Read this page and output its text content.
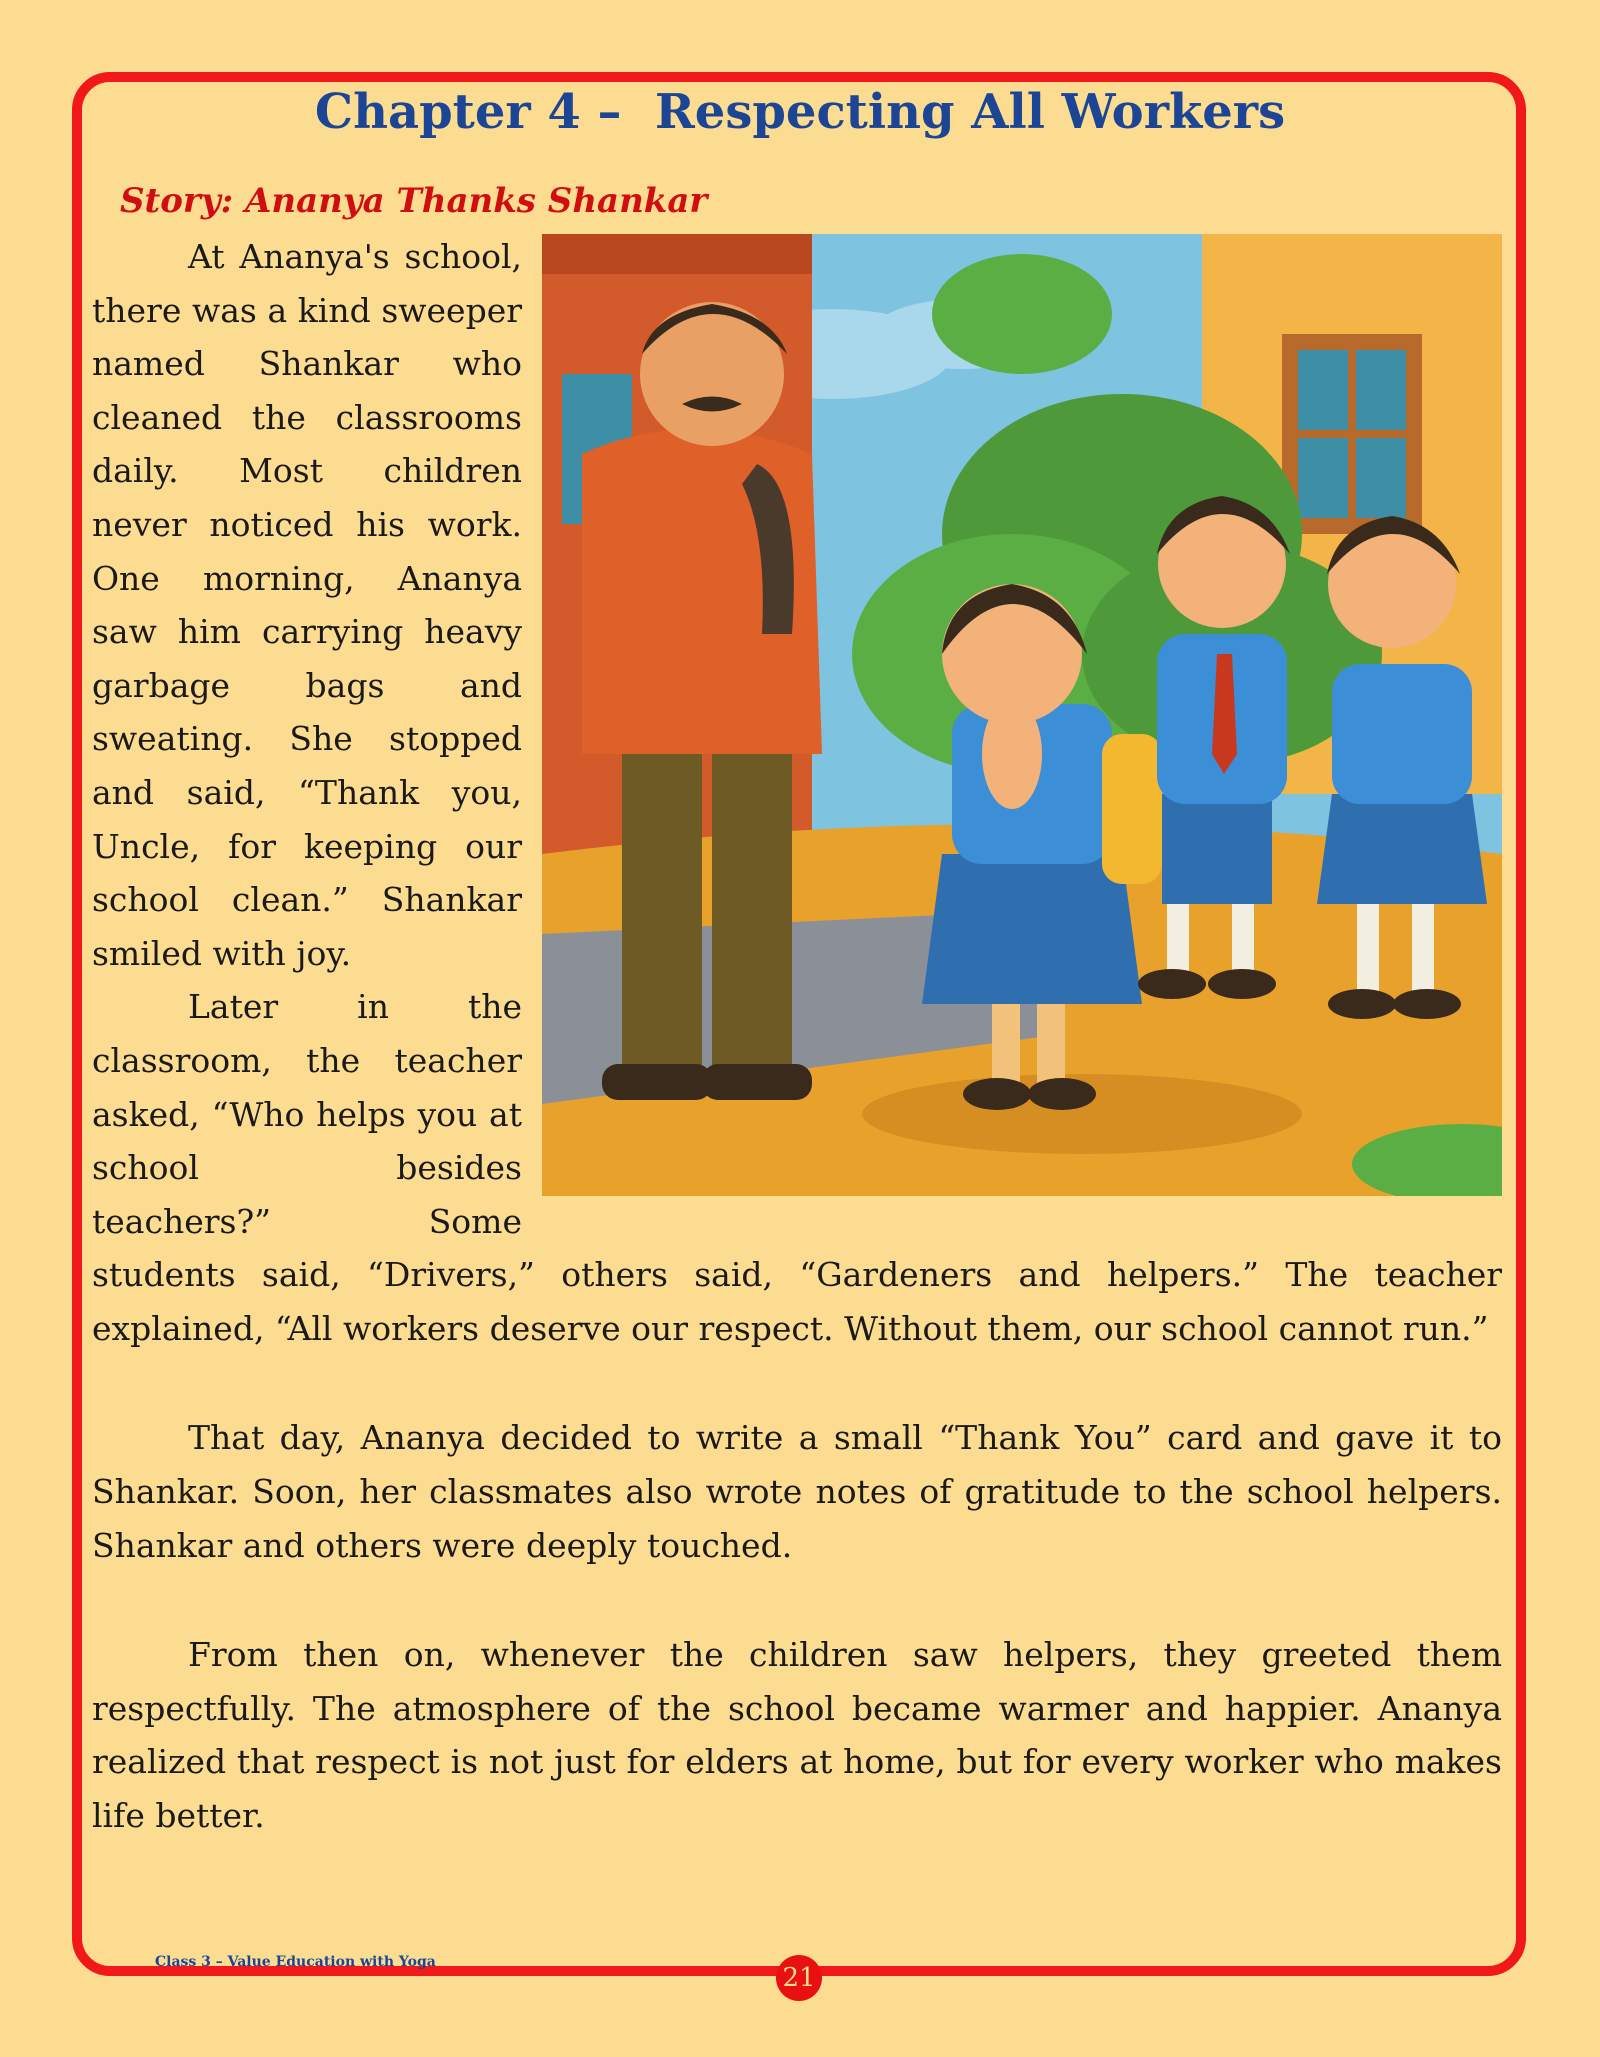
Chapter 4 –  Respecting All Workers
Story: Ananya Thanks Shankar

At Ananya's school, there was a kind sweeper named Shankar who cleaned the classrooms daily. Most children never noticed his work. One morning, Ananya saw him carrying heavy garbage bags and sweating. She stopped and said, “Thank you, Uncle, for keeping our school clean.” Shankar smiled with joy.

Later in the classroom, the teacher asked, “Who helps you at school besides teachers?” Some students said, “Drivers,” others said, “Gardeners and helpers.” The teacher explained, “All workers deserve our respect. Without them, our school cannot run.”

That day, Ananya decided to write a small “Thank You” card and gave it to Shankar. Soon, her classmates also wrote notes of gratitude to the school helpers. Shankar and others were deeply touched.

From then on, whenever the children saw helpers, they greeted them respectfully. The atmosphere of the school became warmer and happier. Ananya realized that respect is not just for elders at home, but for every worker who makes life better.

Class 3 – Value Education with Yoga
21
